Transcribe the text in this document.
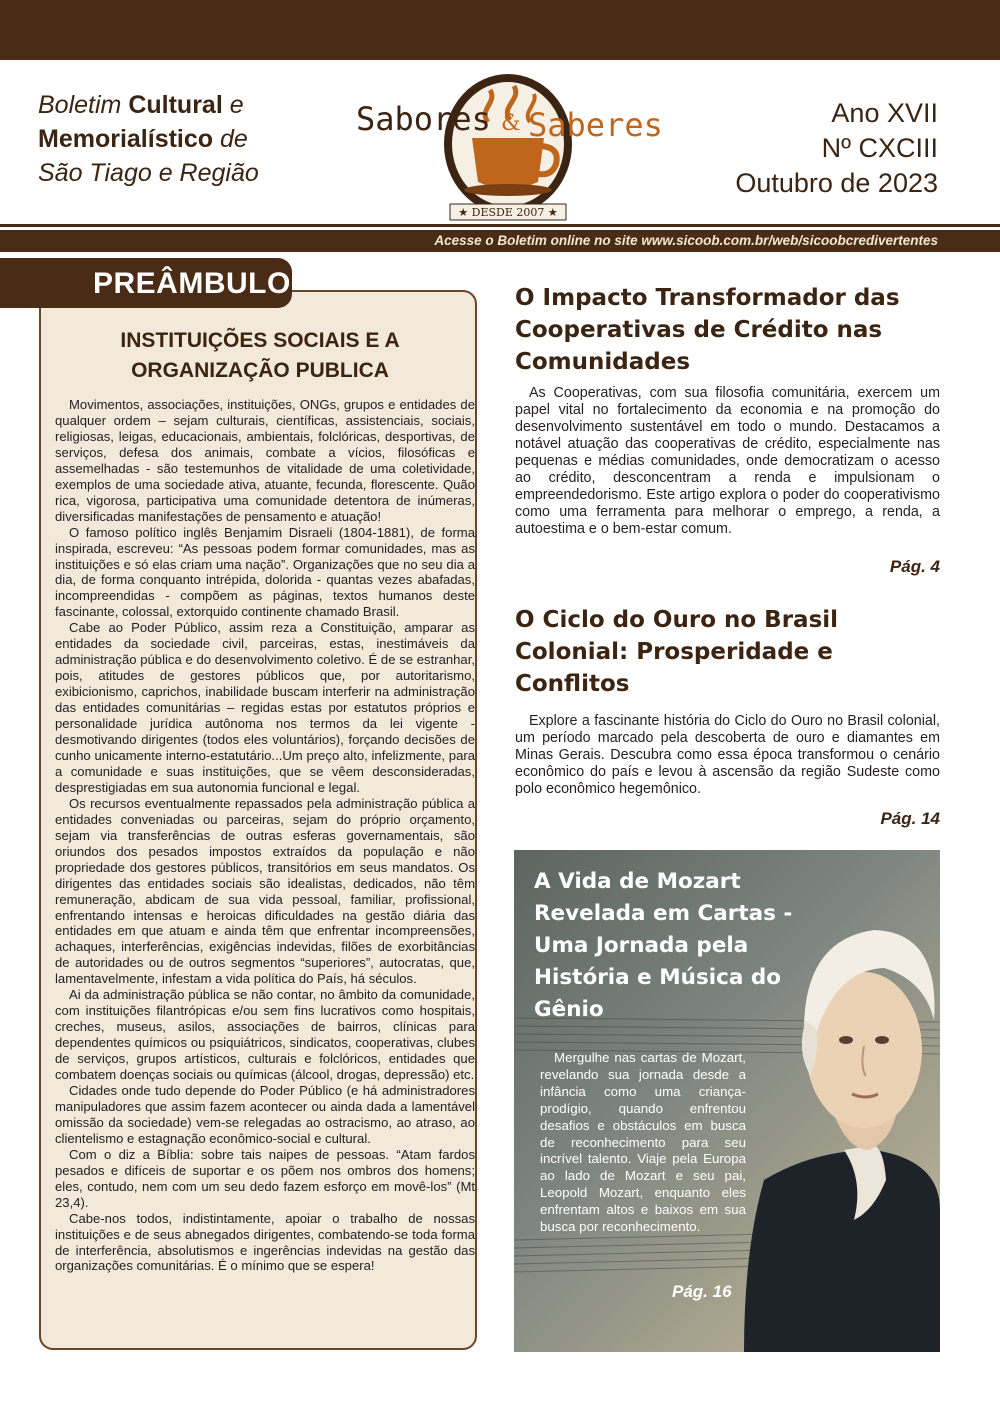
Boletim Cultural e
Memorialístico de
São Tiago e Região
Sabores Saberes
&
★ DESDE 2007 ★
Ano XVII
Nº CXCIII
Outubro de 2023
Acesse o Boletim online no site www.sicoob.com.br/web/sicoobcredivertentes
PREÂMBULO
INSTITUIÇÕES SOCIAIS E A ORGANIZAÇÃO PUBLICA

Movimentos, associações, instituições, ONGs, grupos e entidades de qualquer ordem – sejam culturais, científicas, assistenciais, sociais, religiosas, leigas, educacionais, ambientais, folclóricas, desportivas, de serviços, defesa dos animais, combate a vícios, filosóficas e assemelhadas - são testemunhos de vitalidade de uma coletividade, exemplos de uma sociedade ativa, atuante, fecunda, florescente. Quão rica, vigorosa, participativa uma comunidade detentora de inúmeras, diversificadas manifestações de pensamento e atuação!

O famoso político inglês Benjamim Disraeli (1804-1881), de forma inspirada, escreveu: “As pessoas podem formar comunidades, mas as instituições e só elas criam uma nação”. Organizações que no seu dia a dia, de forma conquanto intrépida, dolorida - quantas vezes abafadas, incompreendidas - compõem as páginas, textos humanos deste fascinante, colossal, extorquido continente chamado Brasil.

Cabe ao Poder Público, assim reza a Constituição, amparar as entidades da sociedade civil, parceiras, estas, inestimáveis da administração pública e do desenvolvimento coletivo. É de se estranhar, pois, atitudes de gestores públicos que, por autoritarismo, exibicionismo, caprichos, inabilidade buscam interferir na administração das entidades comunitárias – regidas estas por estatutos próprios e personalidade jurídica autônoma nos termos da lei vigente - desmotivando dirigentes (todos eles voluntários), forçando decisões de cunho unicamente interno-estatutário...Um preço alto, infelizmente, para a comunidade e suas instituições, que se vêem desconsideradas, desprestigiadas em sua autonomia funcional e legal.

Os recursos eventualmente repassados pela administração pública a entidades conveniadas ou parceiras, sejam do próprio orçamento, sejam via transferências de outras esferas governamentais, são oriundos dos pesados impostos extraídos da população e não propriedade dos gestores públicos, transitórios em seus mandatos. Os dirigentes das entidades sociais são idealistas, dedicados, não têm remuneração, abdicam de sua vida pessoal, familiar, profissional, enfrentando intensas e heroicas dificuldades na gestão diária das entidades em que atuam e ainda têm que enfrentar incompreensões, achaques, interferências, exigências indevidas, filões de exorbitâncias de autoridades ou de outros segmentos “superiores”, autocratas, que, lamentavelmente, infestam a vida política do País, há séculos.

Ai da administração pública se não contar, no âmbito da comunidade, com instituições filantrópicas e/ou sem fins lucrativos como hospitais, creches, museus, asilos, associações de bairros, clínicas para dependentes químicos ou psiquiátricos, sindicatos, cooperativas, clubes de serviços, grupos artísticos, culturais e folclóricos, entidades que combatem doenças sociais ou químicas (álcool, drogas, depressão) etc.

Cidades onde tudo depende do Poder Público (e há administradores manipuladores que assim fazem acontecer ou ainda dada a lamentável omissão da sociedade) vem-se relegadas ao ostracismo, ao atraso, ao clientelismo e estagnação econômico-social e cultural.

Com o diz a Bíblia: sobre tais naipes de pessoas. “Atam fardos pesados e difíceis de suportar e os põem nos ombros dos homens; eles, contudo, nem com um seu dedo fazem esforço em movê-los” (Mt 23,4).

Cabe-nos todos, indistintamente, apoiar o trabalho de nossas instituições e de seus abnegados dirigentes, combatendo-se toda forma de interferência, absolutismos e ingerências indevidas na gestão das organizações comunitárias. É o mínimo que se espera!

O Impacto Transformador das Cooperativas de Crédito nas Comunidades

As Cooperativas, com sua filosofia comunitária, exercem um papel vital no fortalecimento da economia e na promoção do desenvolvimento sustentável em todo o mundo. Destacamos a notável atuação das cooperativas de crédito, especialmente nas pequenas e médias comunidades, onde democratizam o acesso ao crédito, desconcentram a renda e impulsionam o empreendedorismo. Este artigo explora o poder do cooperativismo como uma ferramenta para melhorar o emprego, a renda, a autoestima e o bem-estar comum.

Pág. 4
O Ciclo do Ouro no Brasil Colonial: Prosperidade e Conflitos

Explore a fascinante história do Ciclo do Ouro no Brasil colonial, um período marcado pela descoberta de ouro e diamantes em Minas Gerais. Descubra como essa época transformou o cenário econômico do país e levou à ascensão da região Sudeste como polo econômico hegemônico.

Pág. 14
A Vida de Mozart Revelada em Cartas - Uma Jornada pela História e Música do Gênio

Mergulhe nas cartas de Mozart, revelando sua jornada desde a infância como uma criança-prodígio, quando enfrentou desafios e obstáculos em busca de reconhecimento para seu incrível talento. Viaje pela Europa ao lado de Mozart e seu pai, Leopold Mozart, enquanto eles enfrentam altos e baixos em sua busca por reconhecimento.

Pág. 16
